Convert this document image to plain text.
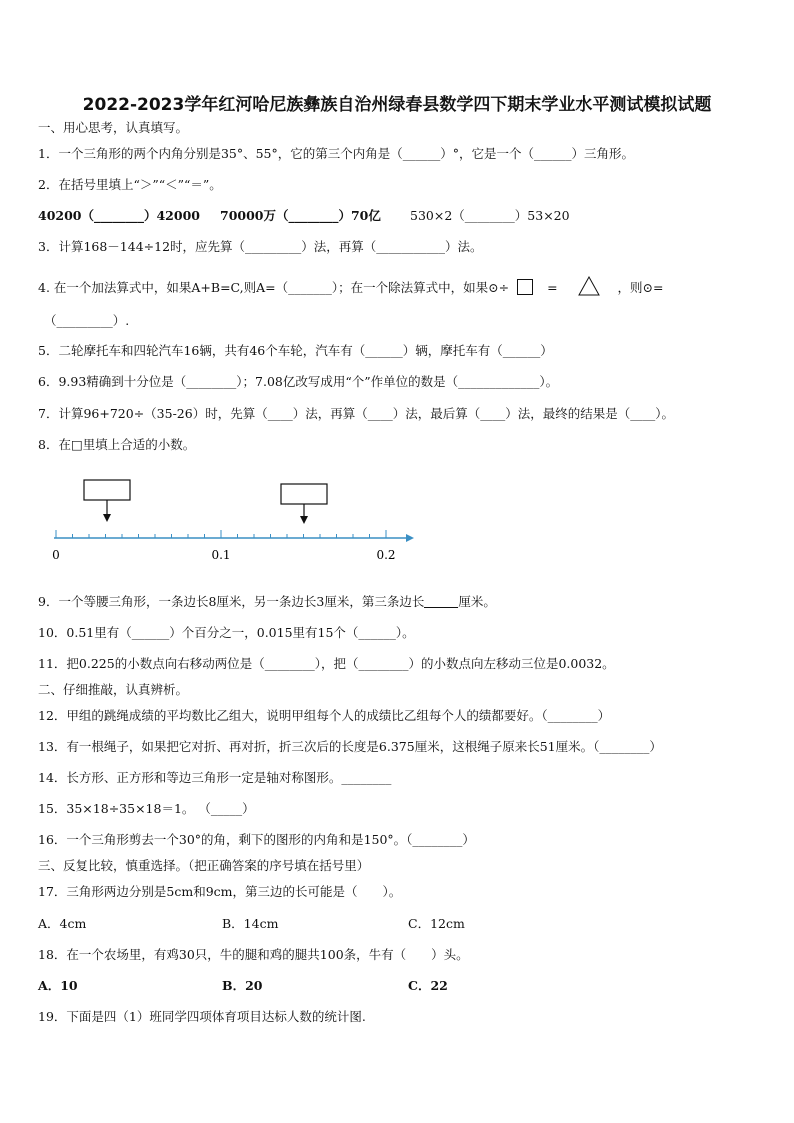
2022-2023学年红河哈尼族彝族自治州绿春县数学四下期末学业水平测试模拟试题
一、用心思考，认真填写。
1．一个三角形的两个内角分别是35°、55°，它的第三个内角是（______）°，它是一个（______）三角形。
2．在括号里填上“＞”“＜”“＝”。
40200（________）42000 70000万（________）70亿 530×2（________）53×20
3．计算168－144÷12时，应先算（_________）法，再算（___________）法。
4. 在一个加法算式中，如果A+B=C,则A=（_______）；在一个除法算式中，如果⊙÷	=	，则⊙=
（_________）.
5．二轮摩托车和四轮汽车16辆，共有46个车轮，汽车有（______）辆，摩托车有（______）
6．9.93精确到十分位是（________）；7.08亿改写成用“个”作单位的数是（_____________）。
7．计算96+720÷（35-26）时，先算（____）法，再算（____）法，最后算（____）法，最终的结果是（____）。
8．在□里填上合适的小数。
0	0.1	0.2
9．一个等腰三角形，一条边长8厘米，另一条边长3厘米，第三条边长	厘米。
10．0.51里有（______）个百分之一，0.015里有15个（______）。
11．把0.225的小数点向右移动两位是（________），把（________）的小数点向左移动三位是0.0032。
二、仔细推敲，认真辨析。
12．甲组的跳绳成绩的平均数比乙组大，说明甲组每个人的成绩比乙组每个人的绩都要好。（________）
13．有一根绳子，如果把它对折、再对折，折三次后的长度是6.375厘米，这根绳子原来长51厘米。（________）
14．长方形、正方形和等边三角形一定是轴对称图形。________
15．35×18÷35×18＝1。 （_____）
16．一个三角形剪去一个30°的角，剩下的图形的内角和是150°。（________）
三、反复比较，慎重选择。（把正确答案的序号填在括号里）
17．三角形两边分别是5cm和9cm，第三边的长可能是（　　）。
A．4cm	B．14cm	C．12cm
18．在一个农场里，有鸡30只，牛的腿和鸡的腿共100条，牛有（　　）头。
A．10	B．20	C．22
19．下面是四（1）班同学四项体育项目达标人数的统计图.
